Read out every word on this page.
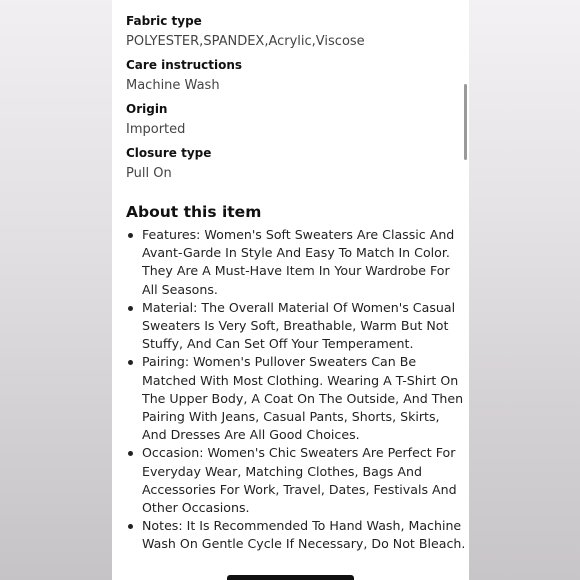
Fabric type
POLYESTER,SPANDEX,Acrylic,Viscose
Care instructions
Machine Wash
Origin
Imported
Closure type
Pull On
About this item
Features: Women's Soft Sweaters Are Classic And Avant-Garde In Style And Easy To Match In Color. They Are A Must-Have Item In Your Wardrobe For All Seasons.
Material: The Overall Material Of Women's Casual Sweaters Is Very Soft, Breathable, Warm But Not Stuffy, And Can Set Off Your Temperament.
Pairing: Women's Pullover Sweaters Can Be Matched With Most Clothing. Wearing A T-Shirt On The Upper Body, A Coat On The Outside, And Then Pairing With Jeans, Casual Pants, Shorts, Skirts, And Dresses Are All Good Choices.
Occasion: Women's Chic Sweaters Are Perfect For Everyday Wear, Matching Clothes, Bags And Accessories For Work, Travel, Dates, Festivals And Other Occasions.
Notes: It Is Recommended To Hand Wash, Machine Wash On Gentle Cycle If Necessary, Do Not Bleach.
